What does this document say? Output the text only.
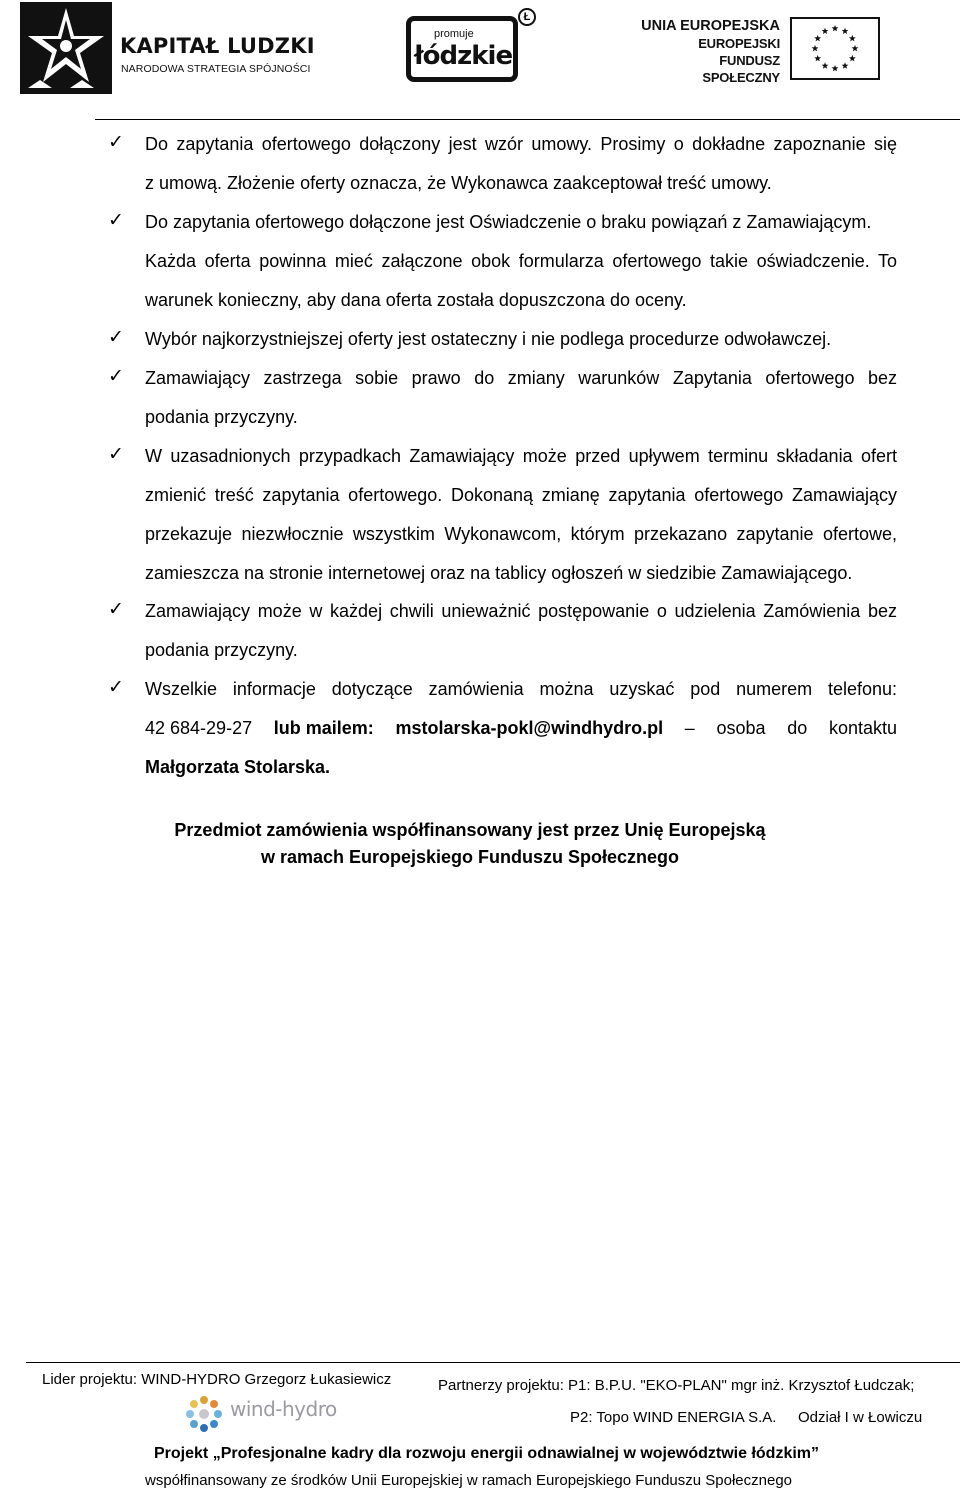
KAPITAŁ LUDZKI
NARODOWA STRATEGIA SPÓJNOŚCI
promuje
łódzkie
Ł
UNIA EUROPEJSKA
EUROPEJSKI
FUNDUSZ SPOŁECZNY
✓ Do zapytania ofertowego dołączony jest wzór umowy. Prosimy o dokładne zapoznanie się
z umową. Złożenie oferty oznacza, że Wykonawca zaakceptował treść umowy.
✓ Do zapytania ofertowego dołączone jest Oświadczenie o braku powiązań z Zamawiającym.
Każda oferta powinna mieć załączone obok formularza ofertowego takie oświadczenie. To
warunek konieczny, aby dana oferta została dopuszczona do oceny.
✓ Wybór najkorzystniejszej oferty jest ostateczny i nie podlega procedurze odwoławczej.
✓ Zamawiający zastrzega sobie prawo do zmiany warunków Zapytania ofertowego bez
podania przyczyny.
✓ W uzasadnionych przypadkach Zamawiający może przed upływem terminu składania ofert
zmienić treść zapytania ofertowego. Dokonaną zmianę zapytania ofertowego Zamawiający
przekazuje niezwłocznie wszystkim Wykonawcom, którym przekazano zapytanie ofertowe,
zamieszcza na stronie internetowej oraz na tablicy ogłoszeń w siedzibie Zamawiającego.
✓ Zamawiający może w każdej chwili unieważnić postępowanie o udzielenia Zamówienia bez
podania przyczyny.
✓ Wszelkie informacje dotyczące zamówienia można uzyskać pod numerem telefonu:
42 684-29-27 lub mailem: mstolarska-pokl@windhydro.pl – osoba do kontaktu
Małgorzata Stolarska.
Przedmiot zamówienia współfinansowany jest przez Unię Europejską
w ramach Europejskiego Funduszu Społecznego
Lider projektu: WIND-HYDRO Grzegorz Łukasiewicz	Partnerzy projektu: P1: B.P.U. "EKO-PLAN" mgr inż. Krzysztof Łudczak;
P2: Topo WIND ENERGIA S.A. Odział I w Łowiczu
wind-hydro
Projekt „Profesjonalne kadry dla rozwoju energii odnawialnej w województwie łódzkim”
współfinansowany ze środków Unii Europejskiej w ramach Europejskiego Funduszu Społecznego
